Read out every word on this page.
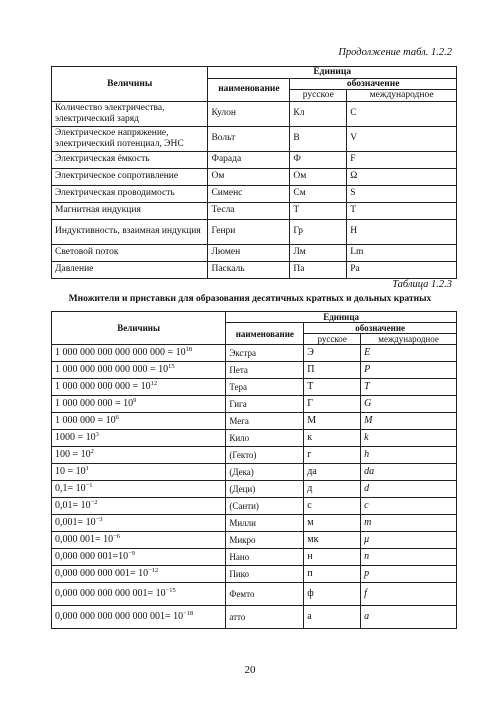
Продолжение табл. 1.2.2
Величины	Единица		
	наименование	обозначение	
		русское	международное
Количество электричества, электрический заряд	Кулон	Кл	C
Электрическое напряжение, электрический потенциал, ЭНС	Вольт	В	V
Электрическая ёмкость	Фарада	Ф	F
Электрическое сопротивление	Ом	Ом	Ω
Электрическая проводимость	Сименс	См	S
Магнитная индукция	Тесла	Т	T
Индуктивность, взаимная индукция	Генри	Гр	H
Световой поток	Люмен	Лм	Lm
Давление	Паскаль	Па	Pa
Таблица 1.2.3
Множители и приставки для образования десятичных кратных и дольных кратных
Величины	Единица		
	наименование	обозначение	
		русское	международное
1 000 000 000 000 000 $000 = 10^{18}$	Экстра	Э	E
1 000 000 000 000 $000 = 10^{15}$	Пета	П	P
1 000 000 000 $000 = 10^{12}$	Тера	Т	T
1 000 000 $000 = 10^9$	Гига	Г	G
1 000 $000 = 10^6$	Мега	М	M
$1000 = 10^3$	Кило	к	k
$100 = 10^2$	(Гекто)	г	h
$10 = 10^1$	(Дека)	да	da
$0,1= 10^{-1}$	(Деци)	д	d
$0,01= 10^{-2}$	(Санти)	с	c
$0,001= 10^{-3}$	Милли	м	m
0,000 $001= 10^{-6}$	Микро	мк	μ
0,000 000 $001=10^{-9}$	Нано	н	n
0,000 000 000 $001= 10^{-12}$	Пико	п	p
0,000 000 000 000 $001= 10^{-15}$	Фемто	ф	f
0,000 000 000 000 000 $001= 10^{-18}$	атто	а	a
20
